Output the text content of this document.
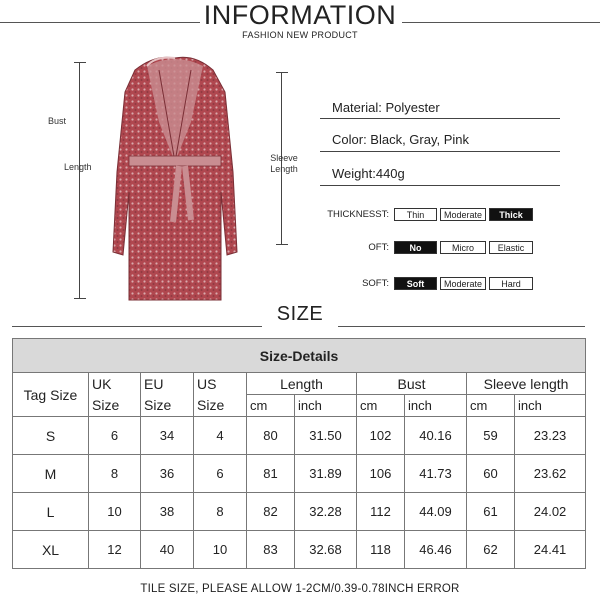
INFORMATION
FASHION NEW PRODUCT
Bust
Length
Sleeve
Length
Material: Polyester
Color: Black, Gray, Pink
Weight:440g
THICKNESST:	Thin	Moderate	Thick
OFT:	No	Micro	Elastic
SOFT:	Soft	Moderate	Hard
SIZE
Size-Details									
Tag Size	UK Size	EU Size	US Size	Length		Bust		Sleeve length	
				cm	inch	cm	inch	cm	inch
S	6	34	4	80	31.50	102	40.16	59	23.23
M	8	36	6	81	31.89	106	41.73	60	23.62
L	10	38	8	82	32.28	112	44.09	61	24.02
XL	12	40	10	83	32.68	118	46.46	62	24.41
TILE SIZE, PLEASE ALLOW 1-2CM/0.39-0.78INCH ERROR
